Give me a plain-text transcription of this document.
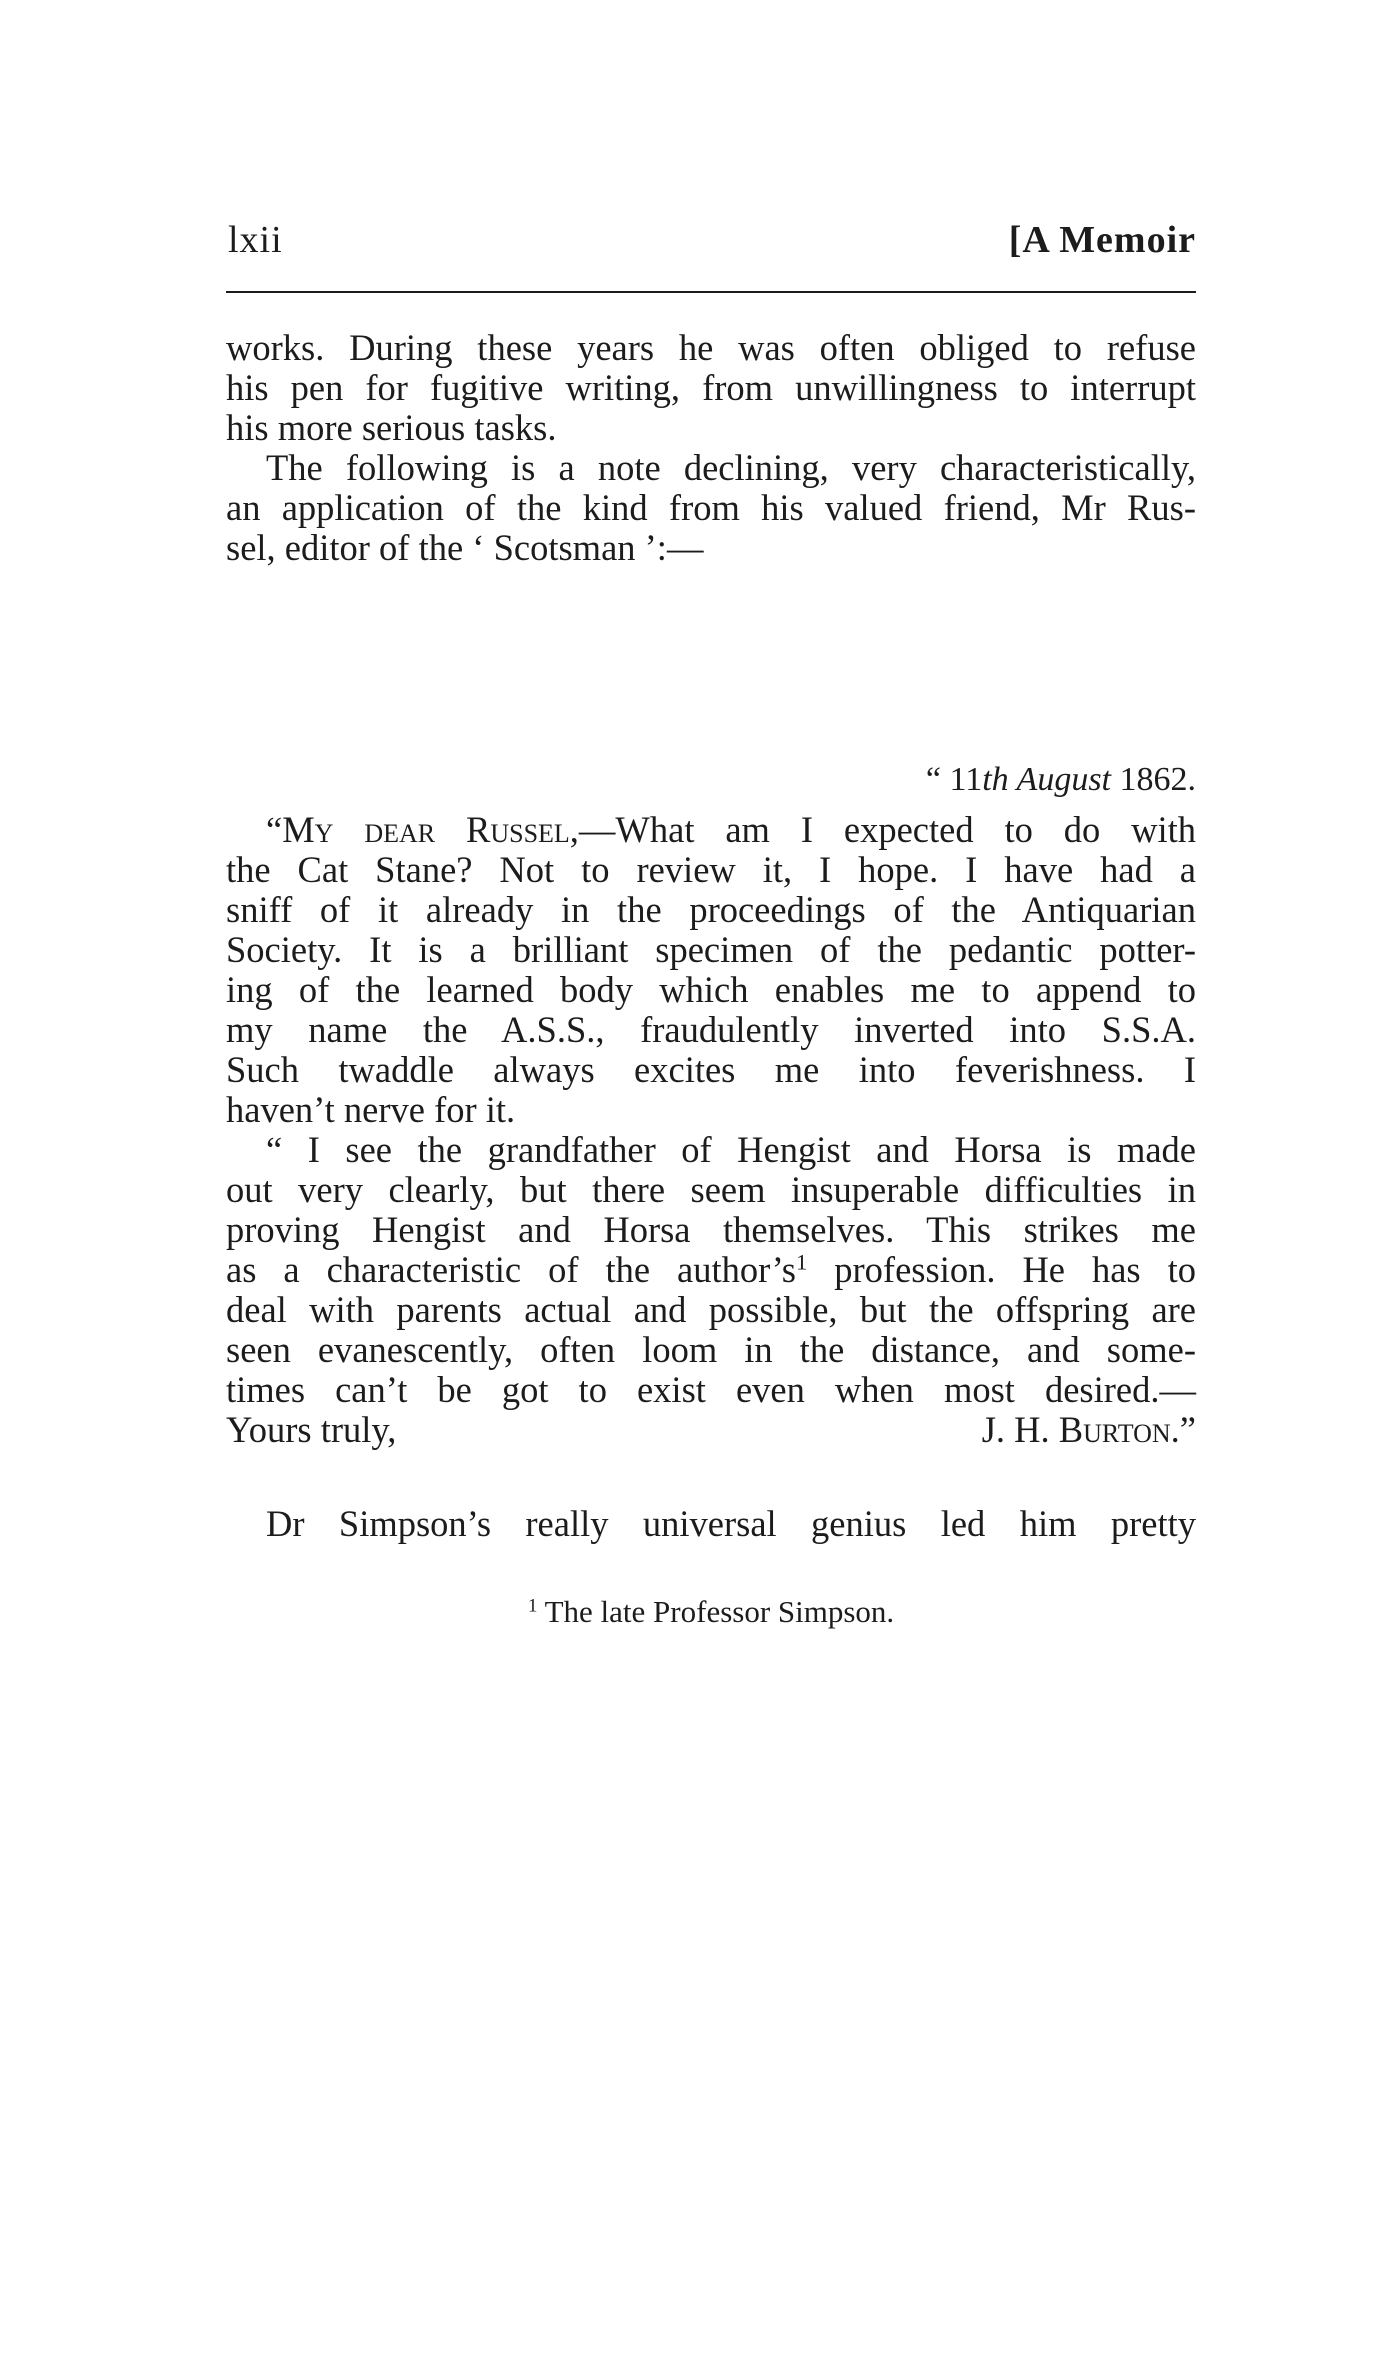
lxii	[A Memoir
works. During these years he was often obliged to refuse
his pen for fugitive writing, from unwillingness to interrupt
his more serious tasks.
The following is a note declining, very characteristically,
an application of the kind from his valued friend, Mr Rus-
sel, editor of the ‘ Scotsman ’:—
“ 11th August 1862.
“My dear Russel,—What am I expected to do with
the Cat Stane? Not to review it, I hope. I have had a
sniff of it already in the proceedings of the Antiquarian
Society. It is a brilliant specimen of the pedantic potter-
ing of the learned body which enables me to append to
my name the A.S.S., fraudulently inverted into S.S.A.
Such twaddle always excites me into feverishness. I
haven’t nerve for it.
“ I see the grandfather of Hengist and Horsa is made
out very clearly, but there seem insuperable difficulties in
proving Hengist and Horsa themselves. This strikes me
as a characteristic of the $author’s^1$ profession. He has to
deal with parents actual and possible, but the offspring are
seen evanescently, often loom in the distance, and some-
times can’t be got to exist even when most desired.—
Yours truly,	J. H. Burton.”
Dr Simpson’s really universal genius led him pretty
$^1$ The late Professor Simpson.
